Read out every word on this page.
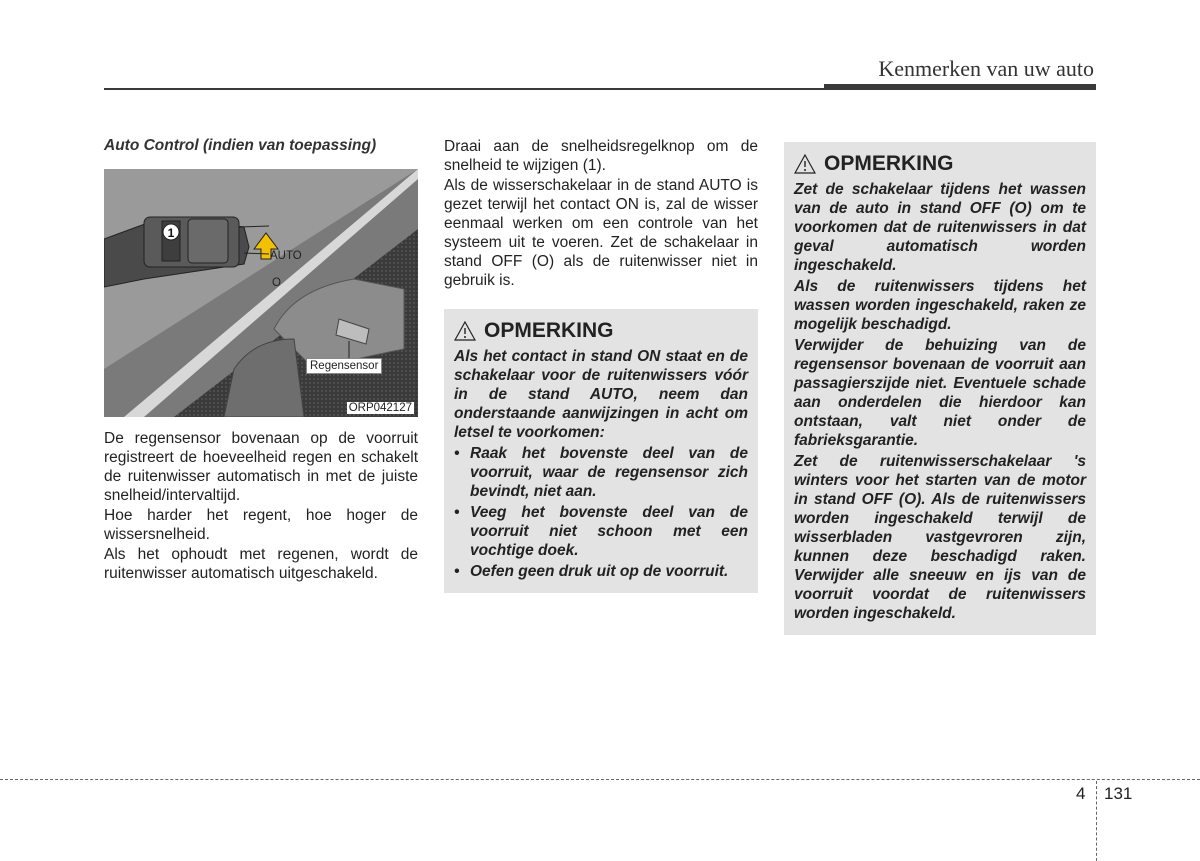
Kenmerken van uw auto
Auto Control (indien van toepassing)
1
AUTO
O
Regensensor
ORP042127

De regensensor bovenaan op de voorruit registreert de hoeveelheid regen en schakelt de ruitenwisser automatisch in met de juiste snelheid/intervaltijd.

Hoe harder het regent, hoe hoger de wissersnelheid.

Als het ophoudt met regenen, wordt de ruitenwisser automatisch uitgeschakeld.

Draai aan de snelheidsregelknop om de snelheid te wijzigen (1).

Als de wisserschakelaar in de stand AUTO is gezet terwijl het contact ON is, zal de wisser eenmaal werken om een controle van het systeem uit te voeren. Zet de schakelaar in stand OFF (O) als de ruitenwisser niet in gebruik is.

OPMERKING

Als het contact in stand ON staat en de schakelaar voor de ruitenwissers vóór in de stand AUTO, neem dan onderstaande aanwijzingen in acht om letsel te voorkomen:

• Raak het bovenste deel van de voorruit, waar de regensensor zich bevindt, niet aan.

• Veeg het bovenste deel van de voorruit niet schoon met een vochtige doek.

• Oefen geen druk uit op de voorruit.

OPMERKING

Zet de schakelaar tijdens het wassen van de auto in stand OFF (O) om te voorkomen dat de ruitenwissers in dat geval automatisch worden ingeschakeld.

Als de ruitenwissers tijdens het wassen worden ingeschakeld, raken ze mogelijk beschadigd.

Verwijder de behuizing van de regensensor bovenaan de voorruit aan passagierszijde niet. Eventuele schade aan onderdelen die hierdoor kan ontstaan, valt niet onder de fabrieksgarantie.

Zet de ruitenwisserschakelaar 's winters voor het starten van de motor in stand OFF (O). Als de ruitenwissers worden ingeschakeld terwijl de wisserbladen vastgevroren zijn, kunnen deze beschadigd raken. Verwijder alle sneeuw en ijs van de voorruit voordat de ruitenwissers worden ingeschakeld.

4 131
